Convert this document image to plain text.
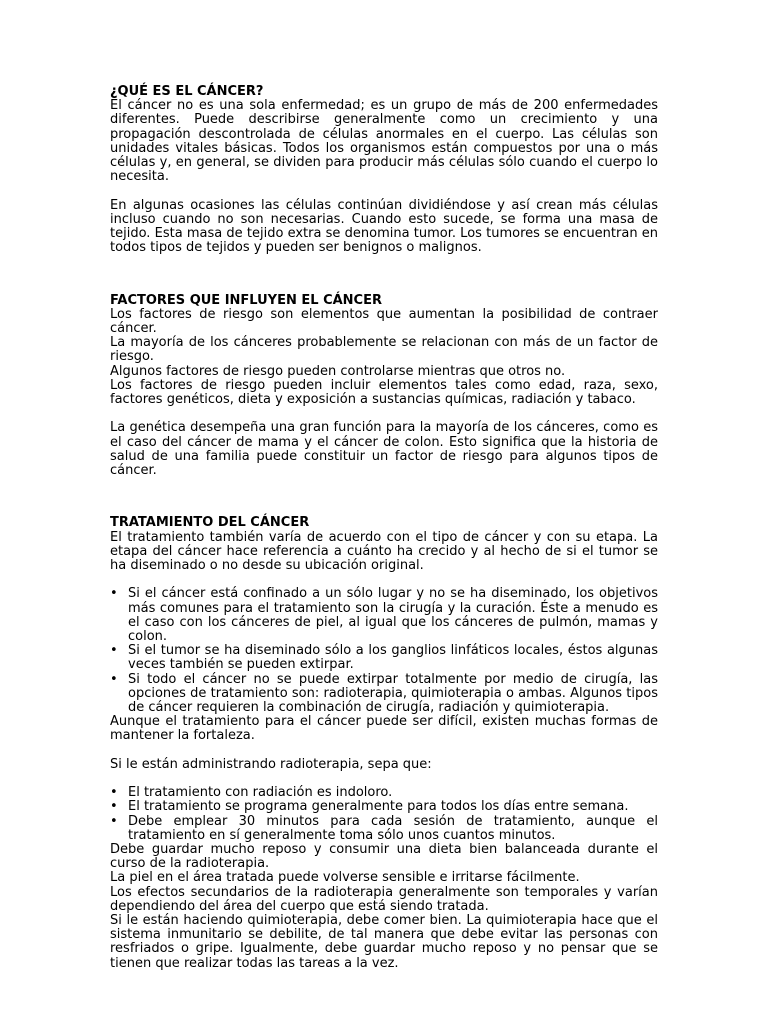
¿QUÉ ES EL CÁNCER?

El cáncer no es una sola enfermedad; es un grupo de más de 200 enfermedades diferentes. Puede describirse generalmente como un crecimiento y una propagación descontrolada de células anormales en el cuerpo. Las células son unidades vitales básicas. Todos los organismos están compuestos por una o más células y, en general, se dividen para producir más células sólo cuando el cuerpo lo necesita.

En algunas ocasiones las células continúan dividiéndose y así crean más células incluso cuando no son necesarias. Cuando esto sucede, se forma una masa de tejido. Esta masa de tejido extra se denomina tumor. Los tumores se encuentran en todos tipos de tejidos y pueden ser benignos o malignos.

FACTORES QUE INFLUYEN EL CÁNCER

Los factores de riesgo son elementos que aumentan la posibilidad de contraer cáncer.

La mayoría de los cánceres probablemente se relacionan con más de un factor de riesgo.

Algunos factores de riesgo pueden controlarse mientras que otros no.

Los factores de riesgo pueden incluir elementos tales como edad, raza, sexo, factores genéticos, dieta y exposición a sustancias químicas, radiación y tabaco.

La genética desempeña una gran función para la mayoría de los cánceres, como es el caso del cáncer de mama y el cáncer de colon. Esto significa que la historia de salud de una familia puede constituir un factor de riesgo para algunos tipos de cáncer.

TRATAMIENTO DEL CÁNCER

El tratamiento también varía de acuerdo con el tipo de cáncer y con su etapa. La etapa del cáncer hace referencia a cuánto ha crecido y al hecho de si el tumor se ha diseminado o no desde su ubicación original.

• Si el cáncer está confinado a un sólo lugar y no se ha diseminado, los objetivos más comunes para el tratamiento son la cirugía y la curación. Éste a menudo es el caso con los cánceres de piel, al igual que los cánceres de pulmón, mamas y colon.
• Si el tumor se ha diseminado sólo a los ganglios linfáticos locales, éstos algunas veces también se pueden extirpar.
• Si todo el cáncer no se puede extirpar totalmente por medio de cirugía, las opciones de tratamiento son: radioterapia, quimioterapia o ambas. Algunos tipos de cáncer requieren la combinación de cirugía, radiación y quimioterapia.

Aunque el tratamiento para el cáncer puede ser difícil, existen muchas formas de mantener la fortaleza.

Si le están administrando radioterapia, sepa que:

• El tratamiento con radiación es indoloro.
• El tratamiento se programa generalmente para todos los días entre semana.
• Debe emplear 30 minutos para cada sesión de tratamiento, aunque el tratamiento en sí generalmente toma sólo unos cuantos minutos.

Debe guardar mucho reposo y consumir una dieta bien balanceada durante el curso de la radioterapia.

La piel en el área tratada puede volverse sensible e irritarse fácilmente.

Los efectos secundarios de la radioterapia generalmente son temporales y varían dependiendo del área del cuerpo que está siendo tratada.

Si le están haciendo quimioterapia, debe comer bien. La quimioterapia hace que el sistema inmunitario se debilite, de tal manera que debe evitar las personas con resfriados o gripe. Igualmente, debe guardar mucho reposo y no pensar que se tienen que realizar todas las tareas a la vez.
